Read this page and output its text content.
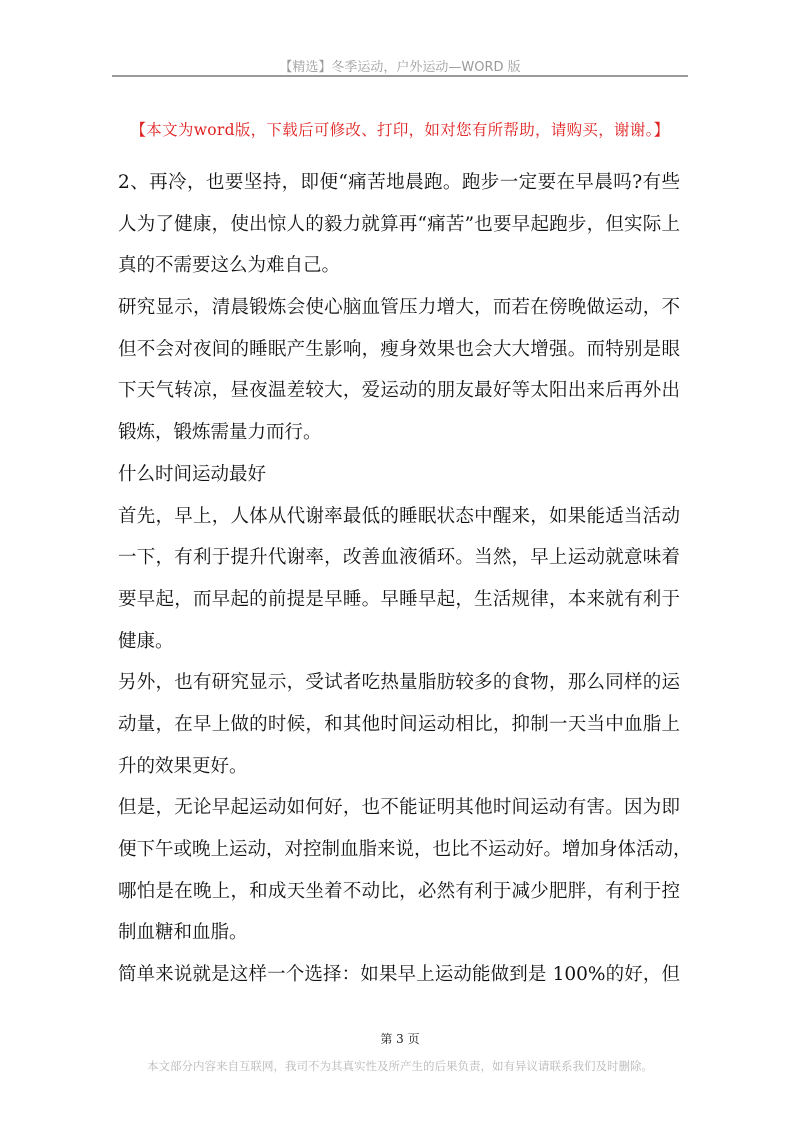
【精选】冬季运动，户外运动—WORD 版
【本文为word版，下载后可修改、打印，如对您有所帮助，请购买，谢谢。】
2、再冷，也要坚持，即便“痛苦地晨跑。跑步一定要在早晨吗?有些
人为了健康，使出惊人的毅力就算再“痛苦”也要早起跑步，但实际上
真的不需要这么为难自己。
研究显示，清晨锻炼会使心脑血管压力增大，而若在傍晚做运动，不
但不会对夜间的睡眠产生影响，瘦身效果也会大大增强。而特别是眼
下天气转凉，昼夜温差较大，爱运动的朋友最好等太阳出来后再外出
锻炼，锻炼需量力而行。
什么时间运动最好
首先，早上，人体从代谢率最低的睡眠状态中醒来，如果能适当活动
一下，有利于提升代谢率，改善血液循环。当然，早上运动就意味着
要早起，而早起的前提是早睡。早睡早起，生活规律，本来就有利于
健康。
另外，也有研究显示，受试者吃热量脂肪较多的食物，那么同样的运
动量，在早上做的时候，和其他时间运动相比，抑制一天当中血脂上
升的效果更好。
但是，无论早起运动如何好，也不能证明其他时间运动有害。因为即
便下午或晚上运动，对控制血脂来说，也比不运动好。增加身体活动，
哪怕是在晚上，和成天坐着不动比，必然有利于减少肥胖，有利于控
制血糖和血脂。
简单来说就是这样一个选择：如果早上运动能做到是 100%的好，但
第 3 页
本文部分内容来自互联网，我司不为其真实性及所产生的后果负责，如有异议请联系我们及时删除。
